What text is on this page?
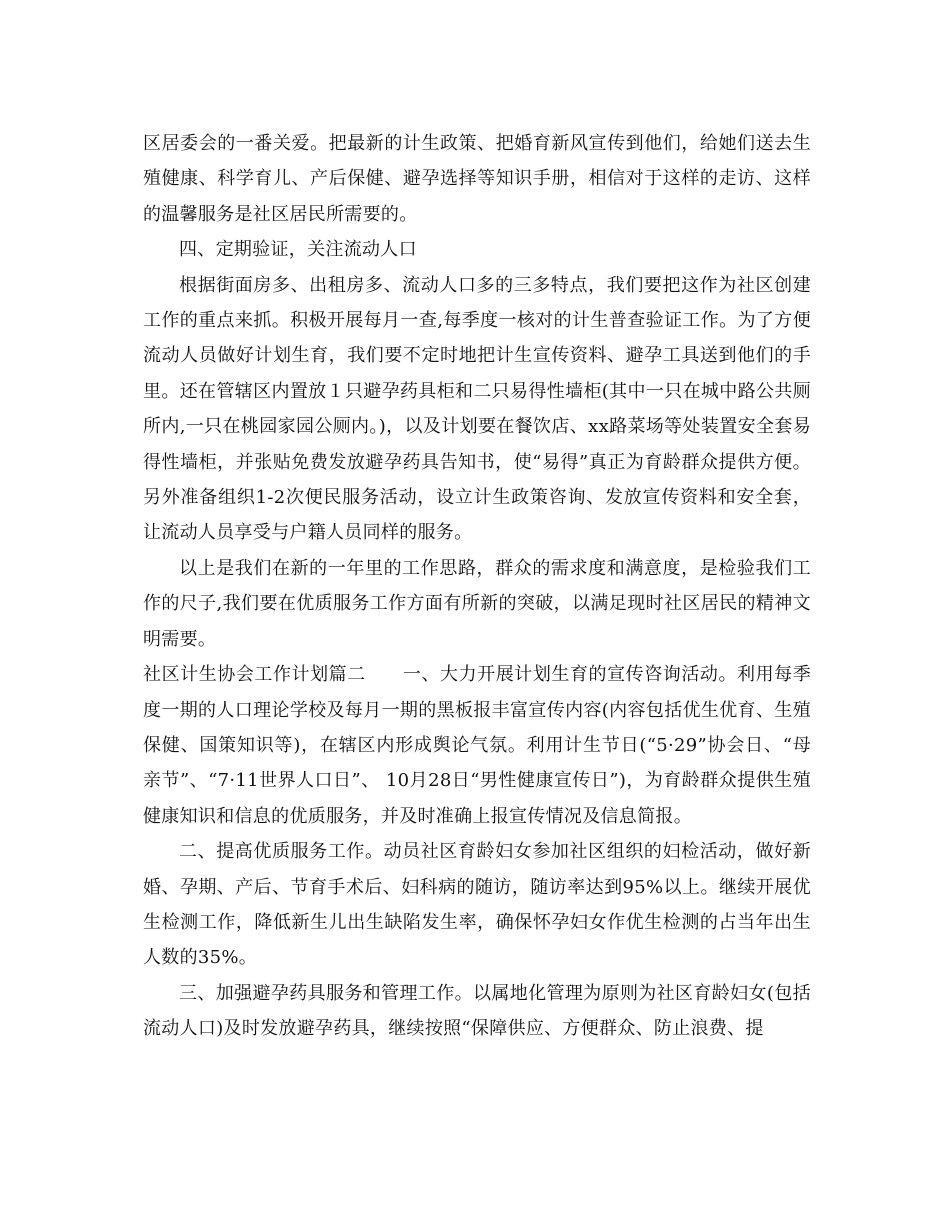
区居委会的一番关爱。把最新的计生政策、把婚育新风宣传到他们，给她们送去生殖健康、科学育儿、产后保健、避孕选择等知识手册，相信对于这样的走访、这样的温馨服务是社区居民所需要的。

四、定期验证，关注流动人口

根据街面房多、出租房多、流动人口多的三多特点，我们要把这作为社区创建工作的重点来抓。积极开展每月一查,每季度一核对的计生普查验证工作。为了方便流动人员做好计划生育，我们要不定时地把计生宣传资料、避孕工具送到他们的手里。还在管辖区内置放１只避孕药具柜和二只易得性墙柜(其中一只在城中路公共厕所内,一只在桃园家园公厕内。)，以及计划要在餐饮店、xx路菜场等处装置安全套易得性墙柜，并张贴免费发放避孕药具告知书，使“易得”真正为育龄群众提供方便。另外准备组织1-2次便民服务活动，设立计生政策咨询、发放宣传资料和安全套，让流动人员享受与户籍人员同样的服务。

以上是我们在新的一年里的工作思路，群众的需求度和满意度，是检验我们工作的尺子,我们要在优质服务工作方面有所新的突破，以满足现时社区居民的精神文明需要。

社区计生协会工作计划篇二　　一、大力开展计划生育的宣传咨询活动。利用每季度一期的人口理论学校及每月一期的黑板报丰富宣传内容(内容包括优生优育、生殖保健、国策知识等)，在辖区内形成舆论气氛。利用计生节日(“5·29”协会日、“母亲节”、“7·11世界人口日”、 10月28日“男性健康宣传日”)，为育龄群众提供生殖健康知识和信息的优质服务，并及时准确上报宣传情况及信息简报。

二、提高优质服务工作。动员社区育龄妇女参加社区组织的妇检活动，做好新婚、孕期、产后、节育手术后、妇科病的随访，随访率达到95%以上。继续开展优生检测工作，降低新生儿出生缺陷发生率，确保怀孕妇女作优生检测的占当年出生人数的35%。

三、加强避孕药具服务和管理工作。以属地化管理为原则为社区育龄妇女(包括流动人口)及时发放避孕药具，继续按照“保障供应、方便群众、防止浪费、提
